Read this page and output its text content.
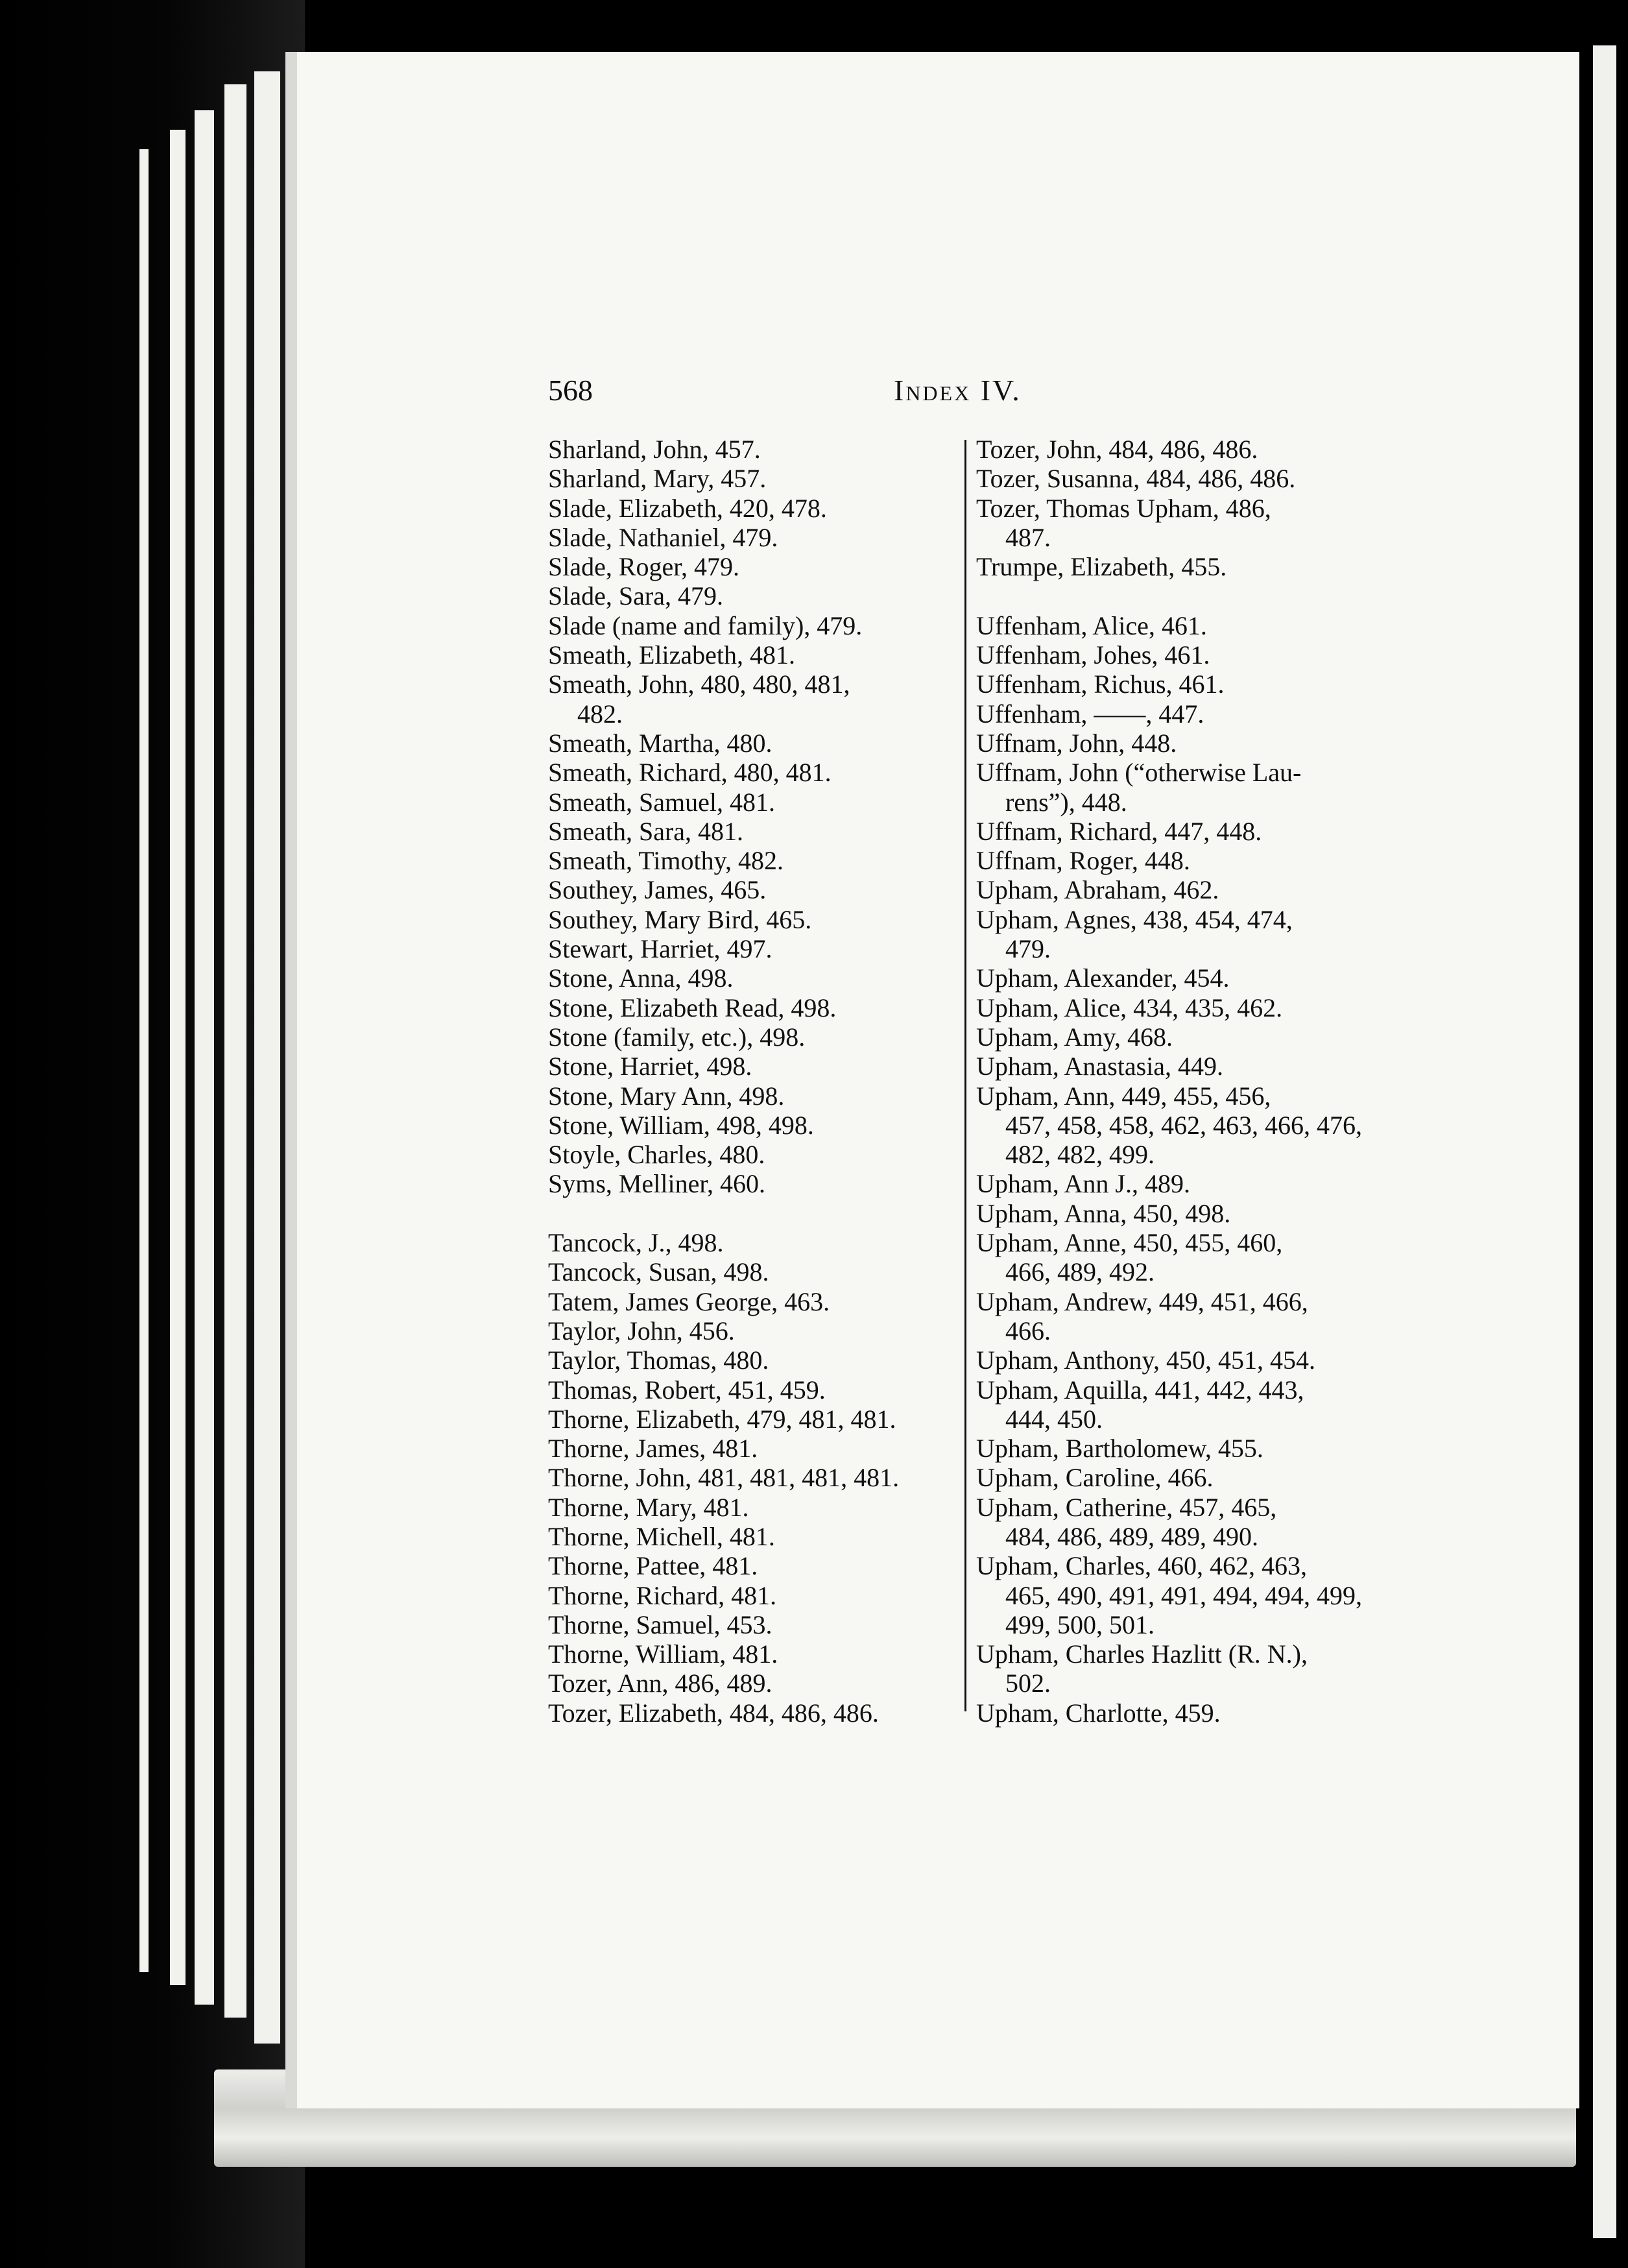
568	Index IV.
Sharland, John, 457.
Sharland, Mary, 457.
Slade, Elizabeth, 420, 478.
Slade, Nathaniel, 479.
Slade, Roger, 479.
Slade, Sara, 479.
Slade (name and family), 479.
Smeath, Elizabeth, 481.
Smeath, John, 480, 480, 481,
482.
Smeath, Martha, 480.
Smeath, Richard, 480, 481.
Smeath, Samuel, 481.
Smeath, Sara, 481.
Smeath, Timothy, 482.
Southey, James, 465.
Southey, Mary Bird, 465.
Stewart, Harriet, 497.
Stone, Anna, 498.
Stone, Elizabeth Read, 498.
Stone (family, etc.), 498.
Stone, Harriet, 498.
Stone, Mary Ann, 498.
Stone, William, 498, 498.
Stoyle, Charles, 480.
Syms, Melliner, 460.
Tancock, J., 498.
Tancock, Susan, 498.
Tatem, James George, 463.
Taylor, John, 456.
Taylor, Thomas, 480.
Thomas, Robert, 451, 459.
Thorne, Elizabeth, 479, 481, 481.
Thorne, James, 481.
Thorne, John, 481, 481, 481, 481.
Thorne, Mary, 481.
Thorne, Michell, 481.
Thorne, Pattee, 481.
Thorne, Richard, 481.
Thorne, Samuel, 453.
Thorne, William, 481.
Tozer, Ann, 486, 489.
Tozer, Elizabeth, 484, 486, 486.
Tozer, John, 484, 486, 486.
Tozer, Susanna, 484, 486, 486.
Tozer, Thomas Upham, 486,
487.
Trumpe, Elizabeth, 455.
Uffenham, Alice, 461.
Uffenham, Johes, 461.
Uffenham, Richus, 461.
Uffenham, ——, 447.
Uffnam, John, 448.
Uffnam, John (“otherwise Lau-
rens”), 448.
Uffnam, Richard, 447, 448.
Uffnam, Roger, 448.
Upham, Abraham, 462.
Upham, Agnes, 438, 454, 474,
479.
Upham, Alexander, 454.
Upham, Alice, 434, 435, 462.
Upham, Amy, 468.
Upham, Anastasia, 449.
Upham, Ann, 449, 455, 456,
457, 458, 458, 462, 463, 466, 476, 482, 482, 499.
Upham, Ann J., 489.
Upham, Anna, 450, 498.
Upham, Anne, 450, 455, 460,
466, 489, 492.
Upham, Andrew, 449, 451, 466,
466.
Upham, Anthony, 450, 451, 454.
Upham, Aquilla, 441, 442, 443,
444, 450.
Upham, Bartholomew, 455.
Upham, Caroline, 466.
Upham, Catherine, 457, 465,
484, 486, 489, 489, 490.
Upham, Charles, 460, 462, 463,
465, 490, 491, 491, 494, 494, 499, 499, 500, 501.
Upham, Charles Hazlitt (R. N.),
502.
Upham, Charlotte, 459.
